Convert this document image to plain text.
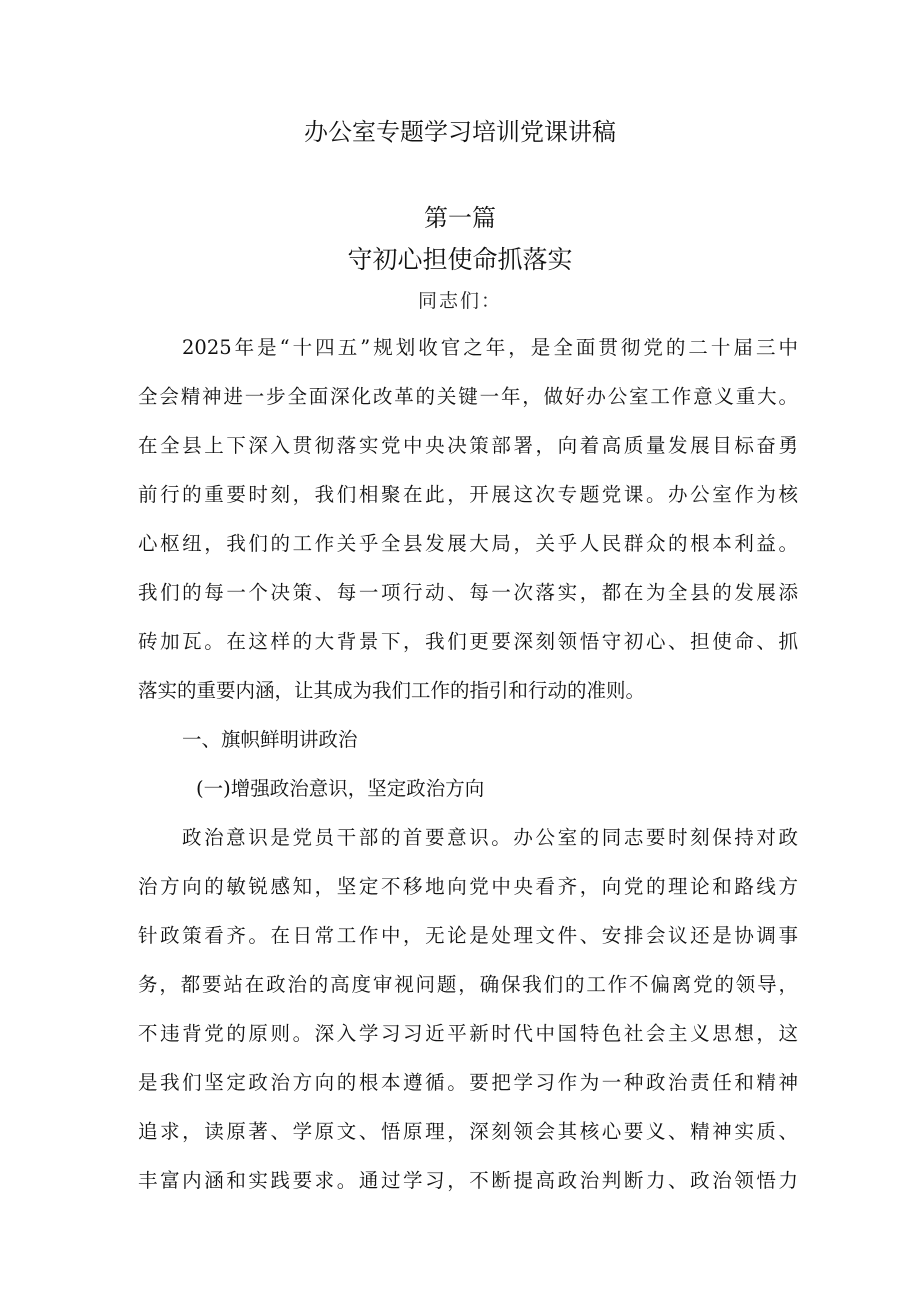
办公室专题学习培训党课讲稿
第一篇
守初心担使命抓落实
同志们：
2025年是“十四五”规划收官之年，是全面贯彻党的二十届三中
全会精神进一步全面深化改革的关键一年，做好办公室工作意义重大。
在全县上下深入贯彻落实党中央决策部署，向着高质量发展目标奋勇
前行的重要时刻，我们相聚在此，开展这次专题党课。办公室作为核
心枢纽，我们的工作关乎全县发展大局，关乎人民群众的根本利益。
我们的每一个决策、每一项行动、每一次落实，都在为全县的发展添
砖加瓦。在这样的大背景下，我们更要深刻领悟守初心、担使命、抓
落实的重要内涵，让其成为我们工作的指引和行动的准则。
一、旗帜鲜明讲政治
(一)增强政治意识，坚定政治方向
政治意识是党员干部的首要意识。办公室的同志要时刻保持对政
治方向的敏锐感知，坚定不移地向党中央看齐，向党的理论和路线方
针政策看齐。在日常工作中，无论是处理文件、安排会议还是协调事
务，都要站在政治的高度审视问题，确保我们的工作不偏离党的领导，
不违背党的原则。深入学习习近平新时代中国特色社会主义思想，这
是我们坚定政治方向的根本遵循。要把学习作为一种政治责任和精神
追求，读原著、学原文、悟原理，深刻领会其核心要义、精神实质、
丰富内涵和实践要求。通过学习，不断提高政治判断力、政治领悟力
